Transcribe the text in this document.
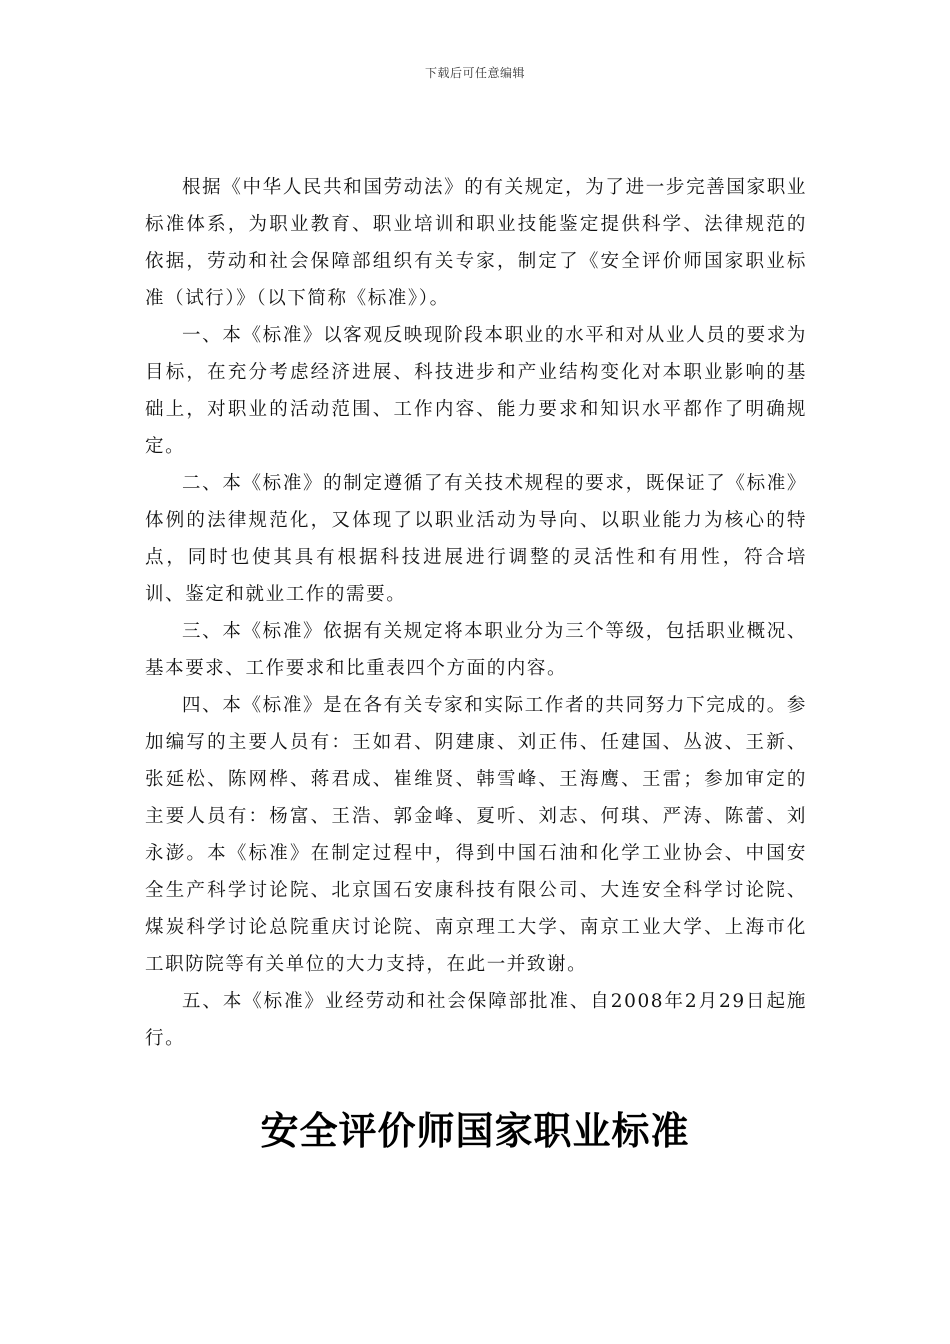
下载后可任意编辑

根据《中华人民共和国劳动法》的有关规定，为了进一步完善国家职业标准体系，为职业教育、职业培训和职业技能鉴定提供科学、法律规范的依据，劳动和社会保障部组织有关专家，制定了《安全评价师国家职业标准（试行）》（以下简称《标准》）。

一、本《标准》以客观反映现阶段本职业的水平和对从业人员的要求为目标，在充分考虑经济进展、科技进步和产业结构变化对本职业影响的基础上，对职业的活动范围、工作内容、能力要求和知识水平都作了明确规定。

二、本《标准》的制定遵循了有关技术规程的要求，既保证了《标准》体例的法律规范化，又体现了以职业活动为导向、以职业能力为核心的特点，同时也使其具有根据科技进展进行调整的灵活性和有用性，符合培训、鉴定和就业工作的需要。

三、本《标准》依据有关规定将本职业分为三个等级，包括职业概况、基本要求、工作要求和比重表四个方面的内容。

四、本《标准》是在各有关专家和实际工作者的共同努力下完成的。参加编写的主要人员有：王如君、阴建康、刘正伟、任建国、丛波、王新、张延松、陈网桦、蒋君成、崔维贤、韩雪峰、王海鹰、王雷；参加审定的主要人员有：杨富、王浩、郭金峰、夏听、刘志、何琪、严涛、陈蕾、刘永澎。本《标准》在制定过程中，得到中国石油和化学工业协会、中国安全生产科学讨论院、北京国石安康科技有限公司、大连安全科学讨论院、煤炭科学讨论总院重庆讨论院、南京理工大学、南京工业大学、上海市化工职防院等有关单位的大力支持，在此一并致谢。

五、本《标准》业经劳动和社会保障部批准、自2008年2月29日起施行。

安全评价师国家职业标准
